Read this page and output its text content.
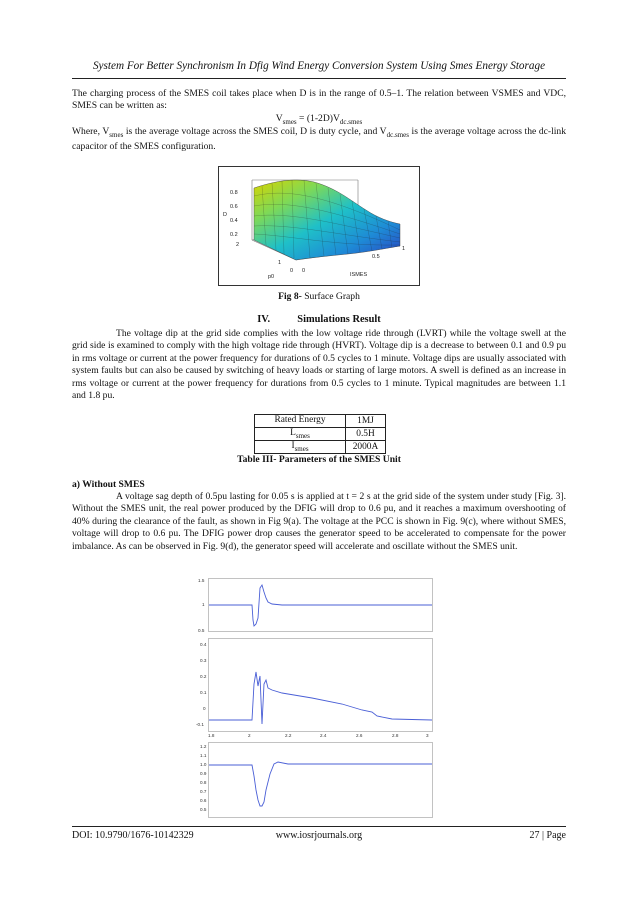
System For Better Synchronism In Dfig Wind Energy Conversion System Using Smes Energy Storage
The charging process of the SMES coil takes place when D is in the range of 0.5–1. The relation between VSMES and VDC, SMES can be written as:
$V_{smes} = (1-2D)V_{dc.smes}$
Where, $V_{smes}$ is the average voltage across the SMES coil, D is duty cycle, and $V_{dc.smes}$ is the average voltage across the dc-link capacitor of the SMES configuration.
0.8
0.6
0.4
0.2
2
D
1
0 0
0.5
1
p0	ISMES
Fig 8- Surface Graph
IV.	Simulations Result
The voltage dip at the grid side complies with the low voltage ride through (LVRT) while the voltage swell at the grid side is examined to comply with the high voltage ride through (HVRT). Voltage dip is a decrease to between 0.1 and 0.9 pu in rms voltage or current at the power frequency for durations of 0.5 cycles to 1 minute. Voltage dips are usually associated with system faults but can also be caused by switching of heavy loads or starting of large motors. A swell is defined as an increase in rms voltage or current at the power frequency for durations from 0.5 cycles to 1 minute. Typical magnitudes are between 1.1 and 1.8 pu.
Rated Energy	1MJ
$L_{smes}$	0.5H
$I_{smes}$	2000A
Table III- Parameters of the SMES Unit
a) Without SMES
A voltage sag depth of 0.5pu lasting for 0.05 s is applied at t = 2 s at the grid side of the system under study [Fig. 3]. Without the SMES unit, the real power produced by the DFIG will drop to 0.6 pu, and it reaches a maximum overshooting of 40% during the clearance of the fault, as shown in Fig 9(a). The voltage at the PCC is shown in Fig. 9(c), where without SMES, voltage will drop to 0.6 pu. The DFIG power drop causes the generator speed to be accelerated to compensate for the power imbalance. As can be observed in Fig. 9(d), the generator speed will accelerate and oscillate without the SMES unit.
1.5
1
0.5
0.4
0.3
0.2
0.1
0
-0.1
1.8	2	2.2	2.4	2.6	2.8	3
1.2
1.1
1.0
0.9
0.8
0.7
0.6
0.5
DOI: 10.9790/1676-10142329	www.iosrjournals.org	27 | Page
